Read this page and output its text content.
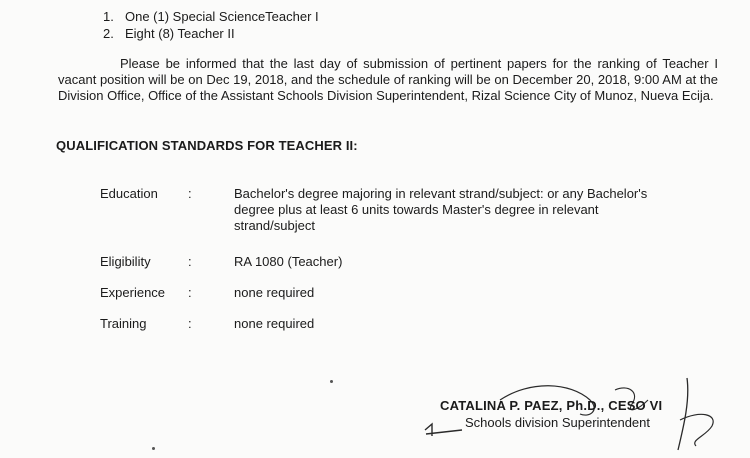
1. One (1) Special ScienceTeacher I
2. Eight (8) Teacher II

Please be informed that the last day of submission of pertinent papers for the ranking of Teacher I vacant position will be on Dec 19, 2018, and the schedule of ranking will be on December 20, 2018, 9:00 AM at the Division Office, Office of the Assistant Schools Division Superintendent, Rizal Science City of Munoz, Nueva Ecija.

QUALIFICATION STANDARDS FOR TEACHER II:

Education	:	Bachelor's degree majoring in relevant strand/subject: or any Bachelor's degree plus at least 6 units towards Master's degree in relevant strand/subject
Eligibility	:	RA 1080 (Teacher)
Experience	:	none required
Training	:	none required

CATALINA P. PAEZ, Ph.D., CESO VI

Schools division Superintendent
